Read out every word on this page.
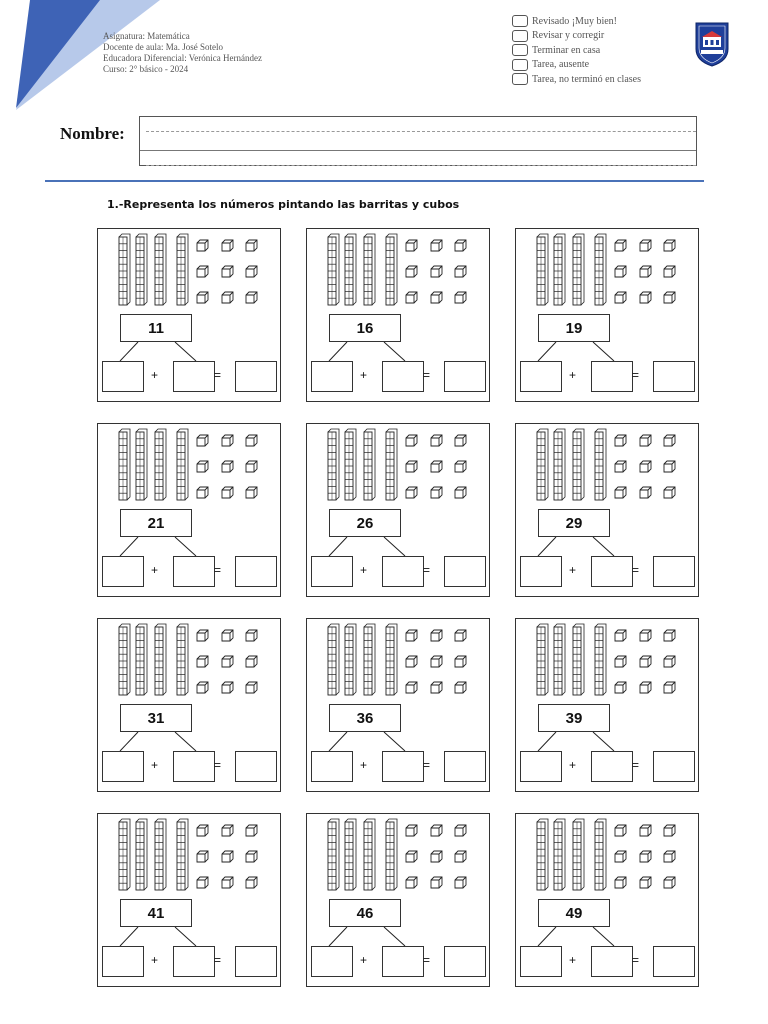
Asignatura: Matemática
Docente de aula: Ma. José Sotelo
Educadora Diferencial: Verónica Hernández
Curso: 2° básico - 2024
Revisado ¡Muy bien!
Revisar y corregir
Terminar en casa
Tarea, ausente
Tarea, no terminó en clases
Nombre:
1.-Representa los números pintando las barritas y cubos
11
+	=
16
+	=
19
+	=
21
+	=
26
+	=
29
+	=
31
+	=
36
+	=
39
+	=
41
+	=
46
+	=
49
+	=
